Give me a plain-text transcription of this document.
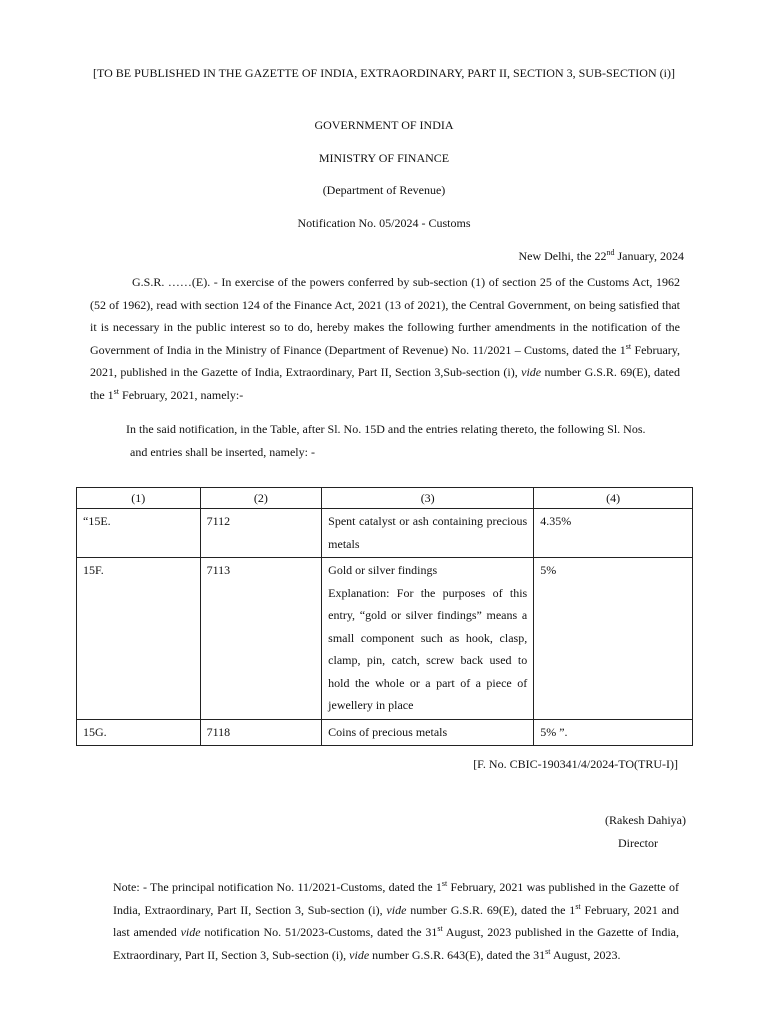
[TO BE PUBLISHED IN THE GAZETTE OF INDIA, EXTRAORDINARY, PART II, SECTION 3, SUB-SECTION (i)]
GOVERNMENT OF INDIA
MINISTRY OF FINANCE
(Department of Revenue)
Notification No. 05/2024 - Customs
New Delhi, the 22nd January, 2024
G.S.R. ……(E). - In exercise of the powers conferred by sub-section (1) of section 25 of the Customs Act, 1962 (52 of 1962), read with section 124 of the Finance Act, 2021 (13 of 2021), the Central Government, on being satisfied that it is necessary in the public interest so to do, hereby makes the following further amendments in the notification of the Government of India in the Ministry of Finance (Department of Revenue) No. 11/2021 – Customs, dated the 1st February, 2021, published in the Gazette of India, Extraordinary, Part II, Section 3,Sub-section (i), vide number G.S.R. 69(E), dated the 1st February, 2021, namely:-
In the said notification, in the Table, after Sl. No. 15D and the entries relating thereto, the following Sl. Nos.
and entries shall be inserted, namely: -
(1)	(2)	(3)	(4)
“15E.	7112	Spent catalyst or ash containing precious metals	4.35%
15F.	7113	Gold or silver findings
Explanation: For the purposes of this entry, “gold or silver findings” means a small component such as hook, clasp, clamp, pin, catch, screw back used to hold the whole or a part of a piece of jewellery in place	5%
15G.	7118	Coins of precious metals	5% ”.
[F. No. CBIC-190341/4/2024-TO(TRU-I)]
(Rakesh Dahiya)
Director
Note: - The principal notification No. 11/2021-Customs, dated the 1st February, 2021 was published in the Gazette of India, Extraordinary, Part II, Section 3, Sub-section (i), vide number G.S.R. 69(E), dated the 1st February, 2021 and last amended vide notification No. 51/2023-Customs, dated the 31st August, 2023 published in the Gazette of India, Extraordinary, Part II, Section 3, Sub-section (i), vide number G.S.R. 643(E), dated the 31st August, 2023.
